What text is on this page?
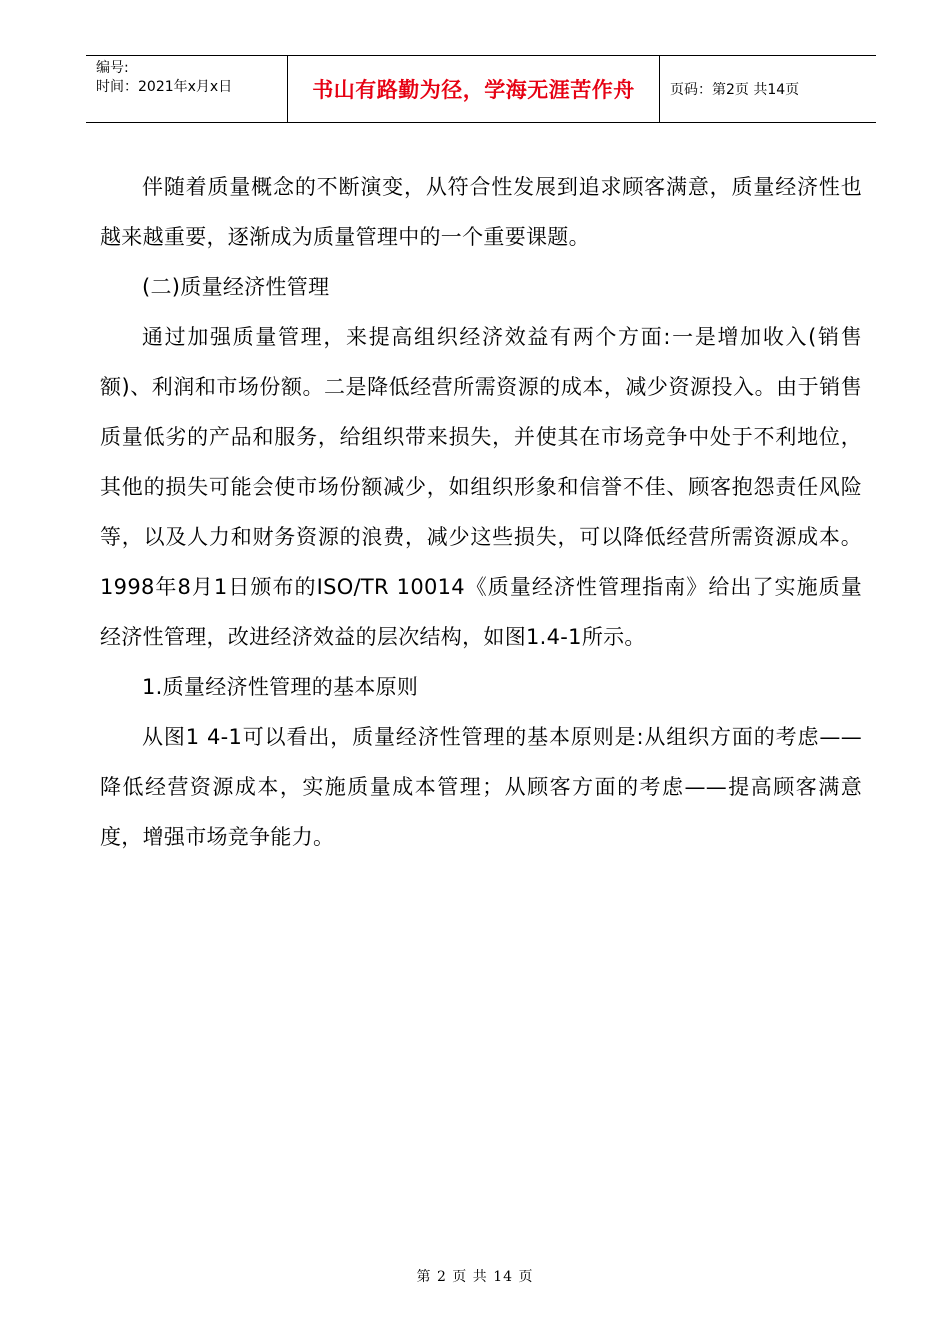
编号:
时间：2021年x月x日	书山有路勤为径，学海无涯苦作舟	页码：第2页 共14页

伴随着质量概念的不断演变，从符合性发展到追求顾客满意，质量经济性也越来越重要，逐渐成为质量管理中的一个重要课题。

(二)质量经济性管理

通过加强质量管理，来提高组织经济效益有两个方面:一是增加收入(销售额)、利润和市场份额。二是降低经营所需资源的成本，减少资源投入。由于销售质量低劣的产品和服务，给组织带来损失，并使其在市场竞争中处于不利地位，其他的损失可能会使市场份额减少，如组织形象和信誉不佳、顾客抱怨责任风险等，以及人力和财务资源的浪费，减少这些损失，可以降低经营所需资源成本。1998年8月1日颁布的ISO/TR 10014《质量经济性管理指南》给出了实施质量经济性管理，改进经济效益的层次结构，如图1.4-1所示。

1.质量经济性管理的基本原则

从图1 4-1可以看出，质量经济性管理的基本原则是:从组织方面的考虑——降低经营资源成本，实施质量成本管理；从顾客方面的考虑——提高顾客满意度，增强市场竞争能力。

第 2 页 共 14 页
